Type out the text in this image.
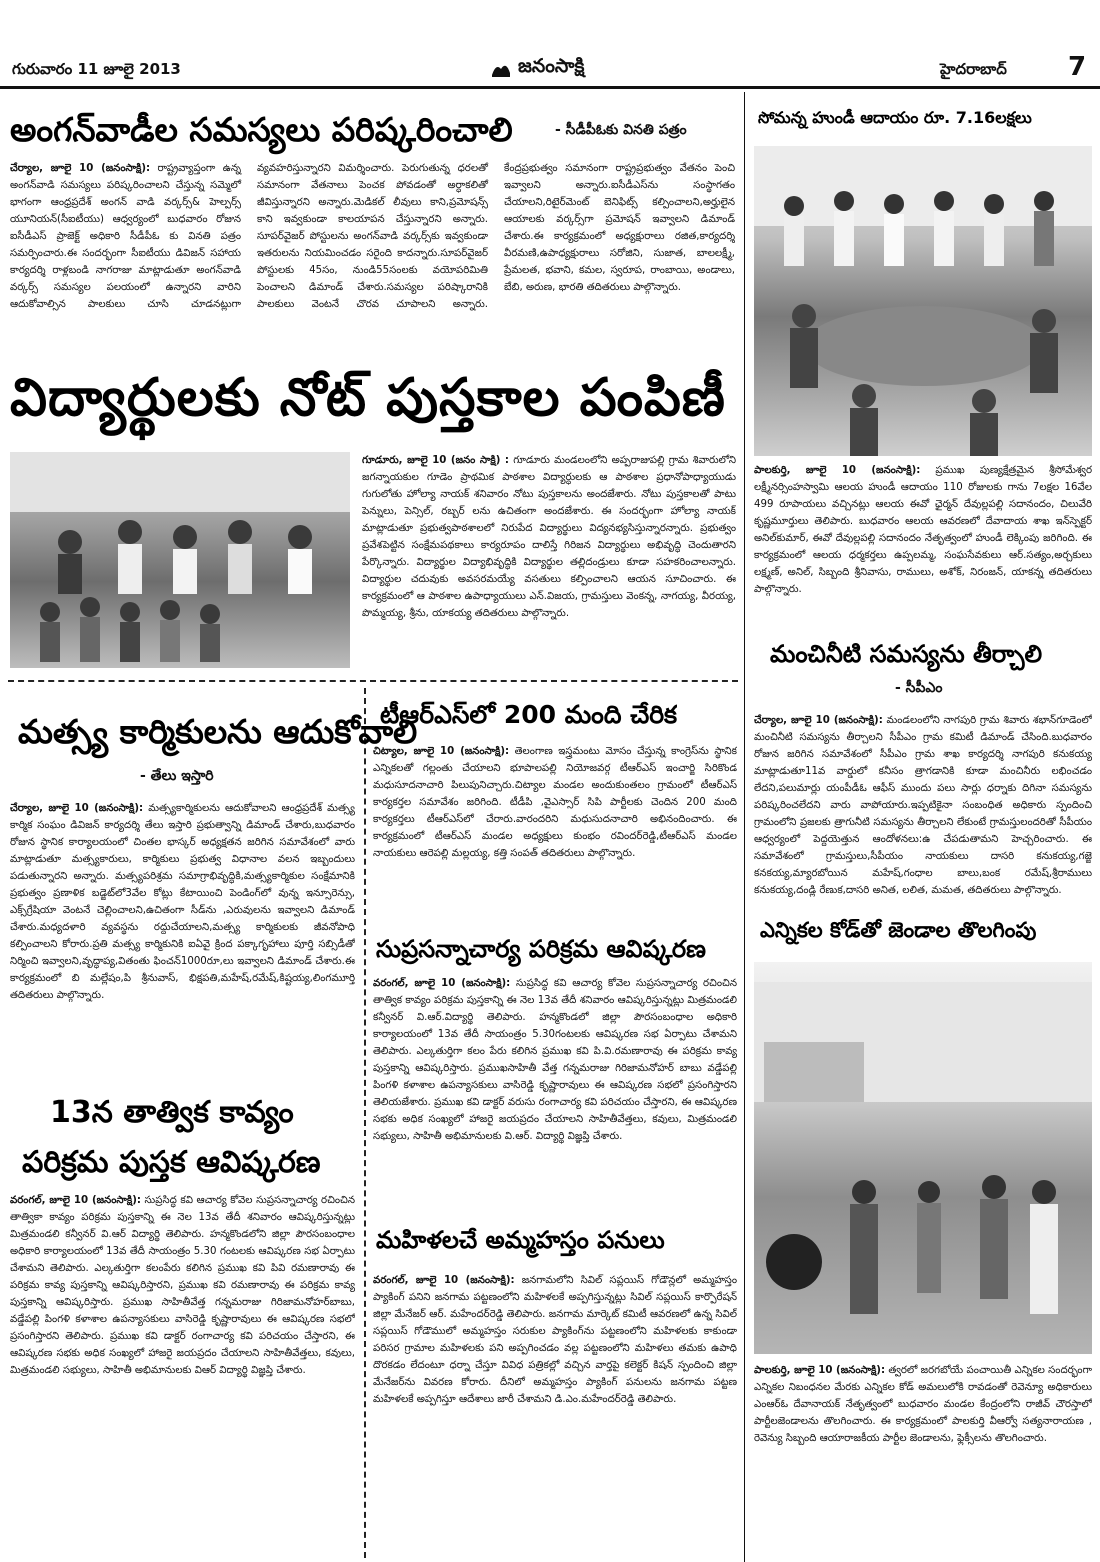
గురువారం 11 జూలై 2013	జనంసాక్షి	హైదరాబాద్ 7
అంగన్‌వాడీల సమస్యలు పరిష్కరించాలి	- సీడీపీఓకు వినతి పత్రం
చేర్యాల, జూలై 10 (జనంసాక్షి): రాష్ట్రవ్యాప్తంగా ఉన్న అంగన్‌వాడి సమస్యలు పరిష్కరించాలని చేస్తున్న సమ్మెలో భాగంగా ఆంధ్రప్రదేశ్ అంగన్ వాడి వర్కర్స్& హెల్పర్స్ యూనియన్(సీఐటీయు) ఆధ్వర్యంలో బుధవారం రోజున ఐసీడీఎస్ ప్రాజెక్ట్ అధికారి సీడీపీఓ కు వినతి పత్రం సమర్పించారు.ఈ సందర్భంగా సీఐటీయు డివిజన్ సహాయ కార్యదర్శి రాళ్లబండి నాగరాజు మాట్లాడుతూ అంగన్‌వాడి వర్కర్స్ సమస్యల పలయంలో ఉన్నారని వారిని ఆదుకోవాల్సిన పాలకులు చూసి చూడనట్లుగా వ్యవహరిస్తున్నారని విమర్శించారు. పెరుగుతున్న ధరలతో సమానంగా వేతనాలు పెంచక పోవడంతో అర్ధాకలితో జీవిస్తున్నారని అన్నారు.మెడికల్ లీవులు కాని,ప్రమోషన్స్ కాని ఇవ్వకుండా కాలయాపన చేస్తున్నారని అన్నారు. సూపర్‌వైజర్ పోస్టులను అంగన్‌వాడి వర్కర్స్‌కు ఇవ్వకుండా ఇతరులను నియమించడం సరైంది కాదన్నారు.సూపర్‌వైజర్ పోస్టులకు 45సం, నుండి55సంలకు వయోపరిమితి పెంచాలని డిమాండ్ చేశారు.సమస్యల పరిష్కారానికి పాలకులు వెంటనే చొరవ చూపాలని అన్నారు. కేంద్రప్రభుత్వం సమానంగా రాష్ట్రప్రభుత్వం వేతనం పెంచి ఇవ్వాలని అన్నారు.ఐసీడీఎస్‌ను సంస్థాగతం చేయాలని,రిటైర్‌మెంట్ బెనిఫిట్స్ కల్పించాలని,అర్హులైన ఆయాలకు వర్కర్స్‌గా ప్రమోషన్ ఇవ్వాలని డిమాండ్ చేశారు.ఈ కార్యక్రమంలో అధ్యక్షురాలు రజిత,కార్యదర్శి వీరమణి,ఉపాధ్యక్షురాలు సరోజిని, సుజాత, బాలలక్ష్మీ, ప్రేమలత, భవాని, కమల, స్వరూప, రాంబాయి, అండాలు, బేబి, అరుణ, భారతి తదితరులు పాల్గొన్నారు.
విద్యార్థులకు నోట్ పుస్తకాల పంపిణీ
గూడూరు, జూలై 10 (జనం సాక్షి) : గూడూరు మండలంలోని అప్పరాజుపల్లి గ్రామ శివారులోని జగన్నాయకుల గూడెం ప్రాథమిక పాఠశాల విద్యార్ధులకు ఆ పాఠశాల ప్రధానోపాధ్యాయుడు గుగులోతు హోల్యా నాయక్ శనివారం నోటు పుస్తకాలను అందజేశారు. నోటు పుస్తకాలతో పాటు పెన్నులు, పెన్సిల్, రబ్బర్ లను ఉచితంగా అందజేశారు. ఈ సందర్భంగా హోల్యా నాయక్ మాట్లాడుతూ ప్రభుత్వపాఠశాలలో నిరుపేద విద్యార్థులు విద్యనభ్యసిస్తున్నారన్నారు. ప్రభుత్వం ప్రవేశపెట్టిన సంక్షేమపథకాలు కార్యరూపం దాలిస్తే గిరిజన విద్యార్థులు అభివృద్ధి చెందుతారని పేర్కొన్నారు. విద్యార్థుల విద్యాభివృద్ధికి విద్యార్థుల తల్లిదండ్రులు కూడా సహకరించాలన్నారు. విద్యార్థుల చదువుకు అవసరమయ్యే వసతులు కల్పించాలని ఆయన సూచించారు. ఈ కార్యక్రమంలో ఆ పాఠశాల ఉపాధ్యాయులు ఎన్.విజయ, గ్రామస్తులు వెంకన్న, నాగయ్య, వీరయ్య, పొమ్మయ్య, శ్రీను, యాకయ్య తదితరులు పాల్గొన్నారు.
మత్స్య కార్మికులను ఆదుకోవాలి
- తేలు ఇస్తారి
చేర్యాల, జూలై 10 (జనంసాక్షి): మత్స్యకార్మికులను ఆదుకోవాలని ఆంధ్రప్రదేశ్ మత్స్య కార్మిక సంఘం డివిజన్ కార్యదర్శి తేలు ఇస్తారి ప్రభుత్వాన్ని డిమాండ్ చేశారు,బుధవారం రోజున స్థానిక కార్యాలయంలో చింతల భాస్కర్ అధ్యక్షతన జరిగిన సమావేశంలో వారు మాట్లాడుతూ మత్స్యకారులు, కార్మికులు ప్రభుత్వ విధానాల వలన ఇబ్బందులు పడుతున్నారని అన్నారు. మత్స్యపరిశ్రమ సమాగ్రాభివృద్ధికి,మత్స్యకార్మికుల సంక్షేమానికి ప్రభుత్వం ప్రణాళిక బడ్జెట్‌లో3వేల కోట్లు కేటాయించి పెండింగ్‌లో వున్న ఇన్సూరెన్సు, ఎక్స్‌గ్రేషియా వెంటనే చెల్లించాలని,ఉచితంగా సీడ్‌ను ,ఎరువులను ఇవ్వాలని డిమాండ్ చేశారు.మధ్యదళారి వ్యవస్థను రద్దుచేయాలని,మత్స్య కార్మికులకు జీవనోపాధి కల్పించాలని కోరారు.ప్రతి మత్స్య కార్మికునికి ఐఏవై క్రింద పక్కాగృహాలు పూర్తి సబ్సిడీతో నిర్మించి ఇవ్వాలని,వృద్ధాప్య,వితంతు ఫించన్1000రూ,లు ఇవ్వాలని డిమాండ్ చేశారు.ఈ కార్యక్రమంలో బి మల్లేషం,పి శ్రీనువాస్, భిక్షపతి,మహేష్,రమేష్,కిష్టయ్య,లింగమూర్తి తదితరులు పాల్గొన్నారు.
13న తాత్విక కావ్యం
పరిక్రమ పుస్తక ఆవిష్కరణ
వరంగల్, జూలై 10 (జనంసాక్షి): సుప్రసిద్ధ కవి ఆచార్య కోవెల సుప్రసన్నాచార్య రచించిన తాత్వికా కావ్యం పరిక్రమ పుస్తకాన్ని ఈ నెల 13వ తేదీ శనివారం ఆవిష్కరిస్తున్నట్లు మిత్రమండలి కన్వీనర్ వి.ఆర్ విద్యార్థి తెలిపారు. హన్మకొండలోని జిల్లా పౌరసంబంధాల అధికారి కార్యాలయంలో 13వ తేదీ సాయంత్రం 5.30 గంటలకు ఆవిష్కరణ సభ ఏర్పాటు చేశామని తెలిపారు. ఎల్కతుర్తిగా కలంపేరు కలిగిన ప్రముఖ కవి పివి రమణారావు ఈ పరిక్రమ కావ్య పుస్తకాన్ని ఆవిష్కరిస్తారని, ప్రముఖ కవి రమణారావు ఈ పరిక్రమ కావ్య పుస్తకాన్ని ఆవిష్కరిస్తారు. ప్రముఖ సాహితీవేత్త గన్నమరాజు గిరిజామనోహర్‌బాబు, వడ్డేపల్లి పింగళి కళాశాల ఉపన్యాసకులు వాసిరెడ్డి కృష్ణారావులు ఈ ఆవిష్కరణ సభలో ప్రసంగిస్తారని తెలిపారు. ప్రముఖ కవి డాక్టర్ రంగాచార్య కవి పరిచయం చేస్తారని, ఈ ఆవిష్కరణ సభకు అధిక సంఖ్యలో హాజరై జయప్రదం చేయాలని సాహితీవేత్తలు, కవులు, మిత్రమండలి సభ్యులు, సాహితీ అభిమానులకు విఆర్ విద్యార్థి విజ్ఞప్తి చేశారు.
టీఆర్‌ఎస్‌లో 200 మంది చేరిక
చిట్యాల, జూలై 10 (జనంసాక్షి): తెలంగాణ ఇస్త్రమంటు మోసం చేస్తున్న కాంగ్రెస్‌ను స్థానిక ఎన్నికలతో గల్లంతు చేయాలని భూపాలపల్లి నియోజవర్గ టీఆర్ఎస్ ఇంచార్జి సిరికొండ మధుసూదనాచారి పిలుపునిచ్చారు.చిట్యాల మండల అందుకుంతలం గ్రామంలో టీఆర్ఎస్ కార్యకర్తల సమావేశం జరిగింది. టీడీపి ,వైఎస్సార్ సిపి పార్టీలకు చెందిన 200 మంది కార్యకర్తలు టీఆర్ఎస్‌లో చేరారు.వారందరిని మధుసుదనాచారి అభినందించారు. ఈ కార్యక్రమంలో టీఆర్ఎస్ మండల అధ్యక్షులు కుంభం రవిందర్‌రెడ్డి,టీఆర్ఎస్ మండల నాయకులు ఆరెపల్లి మల్లయ్య, కత్తి సంపత్ తదితరులు పాల్గొన్నారు.
సుప్రసన్నాచార్య పరిక్రమ ఆవిష్కరణ
వరంగల్, జూలై 10 (జనంసాక్షి): సుప్రసిద్ధ కవి ఆచార్య కోవెల సుప్రసన్నాచార్య రచించిన తాత్విక కావ్యం పరిక్రమ పుస్తకాన్ని ఈ నెల 13వ తేదీ శనివారం ఆవిష్కరిస్తున్నట్లు మిత్రమండలి కన్వీనర్ వి.ఆర్.విద్యార్థి తెలిపారు. హన్మకొండలో జిల్లా పౌరసంబంధాల అధికారి కార్యాలయంలో 13వ తేదీ సాయంత్రం 5.30గంటలకు ఆవిష్కరణ సభ ఏర్పాటు చేశామని తెలిపారు. ఎల్కతుర్తిగా కలం పేరు కలిగిన ప్రముఖ కవి పి.వి.రమణారావు ఈ పరిక్రమ కావ్య పుస్తకాన్ని ఆవిష్కరిస్తారు. ప్రముఖసాహితీ వేత్త గన్నమరాజు గిరిజామనోహర్ బాబు వడ్డేపల్లి పింగళి కళాశాల ఉపన్యాసకులు వాసిరెడ్డి కృష్ణారావులు ఈ ఆవిష్కరణ సభలో ప్రసంగిస్తారని తెలియజేశారు. ప్రముఖ కవి డాక్టర్ వరుసు రంగాచార్య కవి పరిచయం చేస్తారని, ఈ ఆవిష్కరణ సభకు అధిక సంఖ్యలో హాజరై జయప్రదం చేయాలని సాహితీవేత్తలు, కవులు, మిత్రమండలి సభ్యులు, సాహితీ అభిమానులకు వి.ఆర్. విద్యార్థి విజ్ఞప్తి చేశారు.
మహిళలచే అమ్మహస్తం పనులు
వరంగల్, జూలై 10 (జనంసాక్షి): జనగామలోని సివిల్ సప్లయిస్ గోడౌన్లలో అమ్మహస్తం ప్యాకింగ్ పనిని జనగామ పట్టణంలోని మహిళలకే అప్పగిస్తున్నట్లు సివిల్ సప్లయిస్ కార్పొరేషన్ జిల్లా మేనేజర్ ఆర్. మహేందర్‌రెడ్డి తెలిపారు. జనగామ మార్కెట్ కమిటీ ఆవరణలో ఉన్న సివిల్ సప్లయిస్ గోడౌములో అమ్మహస్తం సరుకుల ప్యాకింగ్‌ను పట్టణంలోని మహిళలకు కాకుండా పరిసర గ్రామాల మహిళలకు పని అప్పగించడం వల్ల పట్టణంలోని మహిళలు తమకు ఉపాధి దొరకడం లేదంటూ ధర్నా చేస్తూ వివిధ పత్రికల్లో వచ్చిన వార్తపై కలెక్టర్ కిషన్ స్పందించి జిల్లా మేనేజర్‌ను వివరణ కోరారు. దీనిలో అమ్మహస్తం ప్యాకింగ్ పనులను జనగామ పట్టణ మహిళలకే అప్పగిస్తూ ఆదేశాలు జారీ చేశామని డి.ఎం.మహేందర్‌రెడ్డి తెలిపారు.
సోమన్న హుండీ ఆదాయం రూ. 7.16లక్షలు
పాలకుర్తి, జూలై 10 (జనంసాక్షి): ప్రముఖ పుణ్యక్షేత్రమైన శ్రీసోమేశ్వర లక్ష్మీనర్సింహస్వామి ఆలయ హుండీ ఆదాయం 110 రోజులకు గాను 7లక్షల 16వేల 499 రూపాయలు వచ్చినట్లు ఆలయ ఈవో ఛైర్మన్‌ దేవుల్లపల్లి సదానందం, చిలువేరి కృష్ణమూర్తులు తెలిపారు. బుధవారం ఆలయ ఆవరణలో దేవాదాయ శాఖ ఇన్‌స్పెక్టర్ అనిల్‌కుమార్, ఈవో దేవుల్లపల్లి సదానందం నేతృత్వంలో హుండీ లెక్కింపు జరిగింది. ఈ కార్యక్రమంలో ఆలయ ధర్మకర్తలు ఉప్పలమ్మ, సంఘసేవకులు ఆర్.సత్యం,అర్చకులు లక్ష్మణ్, అనిల్, సిబ్బంది శ్రీనివాసు, రాములు, అశోక్, నిరంజన్, యాకన్న తదితరులు పాల్గొన్నారు.
మంచినీటి సమస్యను తీర్చాలి
- సీపీఎం
చేర్యాల, జూలై 10 (జనంసాక్షి): మండలంలోని నాగపురి గ్రామ శివారు శభాన్‌గూడెంలో మంచినీటి సమస్యను తీర్చాలని సీపీఎం గ్రామ కమిటీ డిమాండ్ చేసింది.బుధవారం రోజున జరిగిన సమావేశంలో సీపీఎం గ్రామ శాఖ కార్యదర్శి నాగపురి కనుకయ్య మాట్లాడుతూ11వ వార్డులో కనీసం త్రాగడానికి కూడా మంచినీరు లభించడం లేదని,పలుమార్లు యంపీడీఓ ఆఫీస్ ముందు పలు సార్లు ధర్నాకు దిగినా సమస్యను పరిష్కరించలేదని వారు వాపోయారు.ఇప్పటికైనా సంబంధిత అధికారు స్పందించి గ్రామంలోని ప్రజలకు త్రాగునీటి సమస్యను తీర్చాలని లేకుంటే గ్రామస్తులందరితో సీపీయం ఆధ్వర్యంలో పెద్దయెత్తున ఆందోళనలు:ఉ చేపడుతామని హెచ్చరించారు. ఈ సమావేశంలో గ్రామస్తులు,సీపీయం నాయకులు దాసరి కనుకయ్య,గజ్జె కనకయ్య,మ్యారబోయిన మహేష్,గంధాల బాలు,బంక రమేష్,శ్రీరాములు కనుకయ్య,దండ్లి రేణుక,దాసరి అనిత, లలిత, మమత, తదితరులు పాల్గొన్నారు.
ఎన్నికల కోడ్‌తో జెండాల తొలగింపు
పాలకుర్తి, జూలై 10 (జనంసాక్షి): త్వరలో జరగబోయే పంచాయితీ ఎన్నికల సందర్భంగా ఎన్నికల నిబంధనల మేరకు ఎన్నికల కోడ్ అమలులోకి రావడంతో రెవెన్యూ అధికారులు ఎంఆర్‌ఓ దేవానాయక్ నేతృత్వంలో బుధవారం మండల కేంద్రంలోని రాజీవ్ చౌరస్తాలో పార్టీలజెండాలను తొలగించారు. ఈ కార్యక్రమంలో పాలకుర్తి వీఆర్వో సత్యనారాయణ , రెవెన్యు సిబ్బంది ఆయారాజకీయ పార్టీల జెండాలను, ఫ్లెక్సీలను తొలగించారు.
